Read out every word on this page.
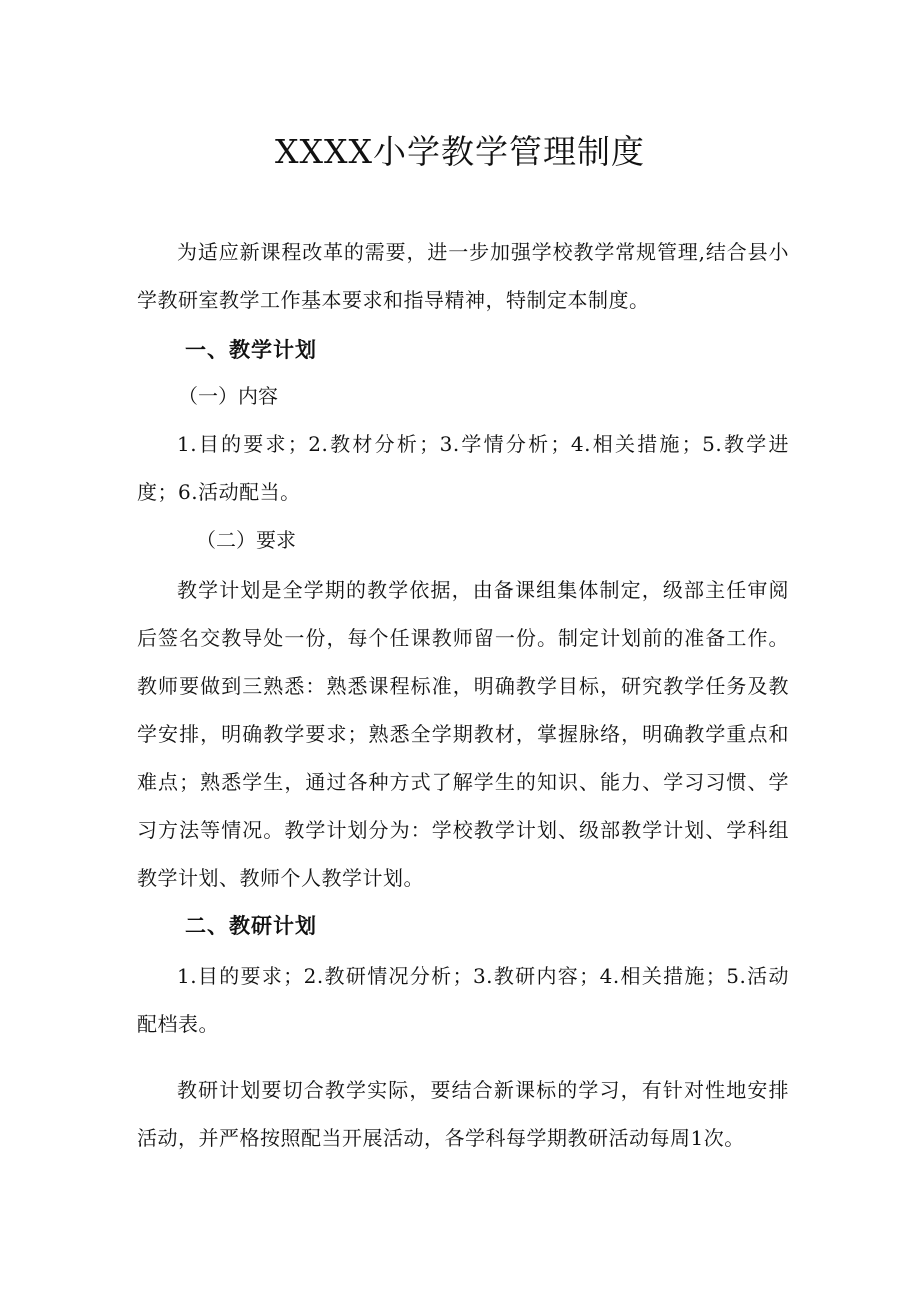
XXXX小学教学管理制度

为适应新课程改革的需要，进一步加强学校教学常规管理,结合县小学教研室教学工作基本要求和指导精神，特制定本制度。

一、教学计划

（一）内容

1.目的要求；2.教材分析；3.学情分析；4.相关措施；5.教学进度；6.活动配当。

（二）要求

教学计划是全学期的教学依据，由备课组集体制定，级部主任审阅后签名交教导处一份，每个任课教师留一份。制定计划前的准备工作。教师要做到三熟悉：熟悉课程标准，明确教学目标，研究教学任务及教学安排，明确教学要求；熟悉全学期教材，掌握脉络，明确教学重点和难点；熟悉学生，通过各种方式了解学生的知识、能力、学习习惯、学习方法等情况。教学计划分为：学校教学计划、级部教学计划、学科组教学计划、教师个人教学计划。

二、教研计划

1.目的要求；2.教研情况分析；3.教研内容；4.相关措施；5.活动配档表。

教研计划要切合教学实际，要结合新课标的学习，有针对性地安排活动，并严格按照配当开展活动，各学科每学期教研活动每周1次。
